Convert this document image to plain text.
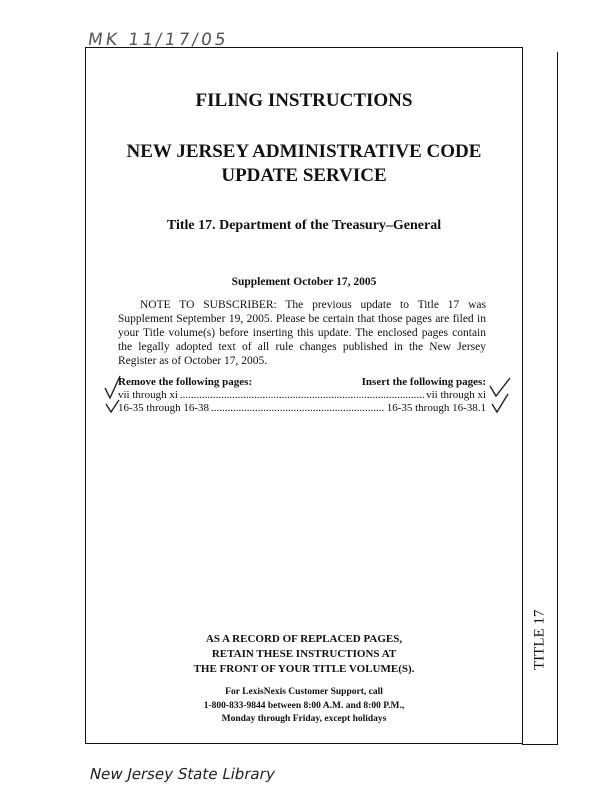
MK 11/17/05
TITLE 17
FILING INSTRUCTIONS
NEW JERSEY ADMINISTRATIVE CODE
UPDATE SERVICE
Title 17. Department of the Treasury–General
Supplement October 17, 2005
NOTE TO SUBSCRIBER: The previous update to Title 17 was Supplement September 19, 2005. Please be certain that those pages are filed in your Title volume(s) before inserting this update. The enclosed pages contain the legally adopted text of all rule changes published in the New Jersey Register as of October 17, 2005.
Remove the following pages:	Insert the following pages:
vii through xi .....	vii through xi
16-35 through 16-38 .....	16-35 through 16-38.1
AS A RECORD OF REPLACED PAGES,
RETAIN THESE INSTRUCTIONS AT
THE FRONT OF YOUR TITLE VOLUME(S).
For LexisNexis Customer Support, call
1-800-833-9844 between 8:00 A.M. and 8:00 P.M.,
Monday through Friday, except holidays
New Jersey State Library
